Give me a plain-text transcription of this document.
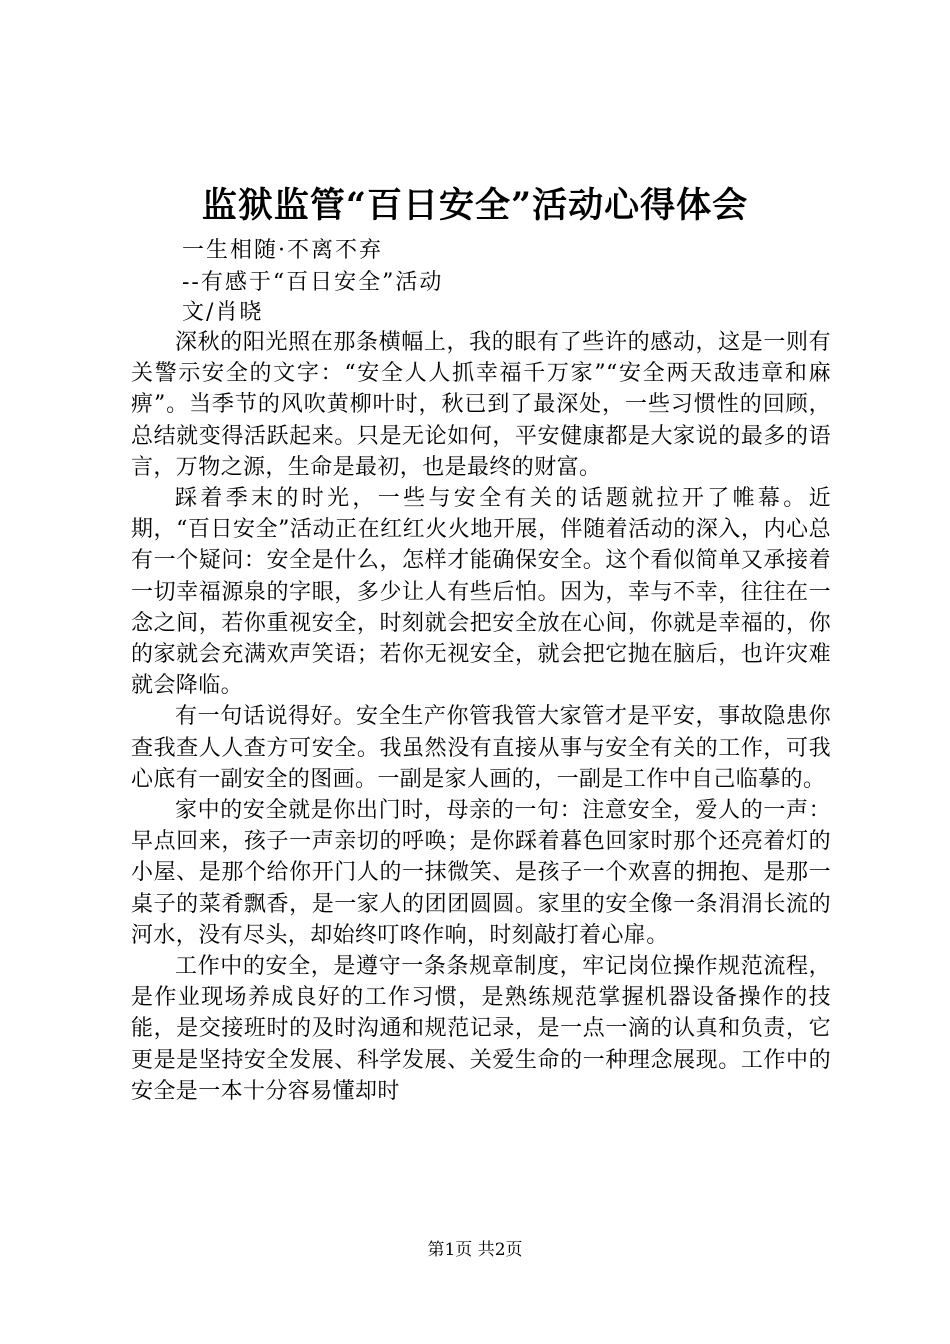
监狱监管“百日安全”活动心得体会
一生相随·不离不弃
--有感于“百日安全”活动
文/肖晓

深秋的阳光照在那条横幅上，我的眼有了些许的感动，这是一则有关警示安全的文字：“安全人人抓幸福千万家”“安全两天敌违章和麻痹”。当季节的风吹黄柳叶时，秋已到了最深处，一些习惯性的回顾，总结就变得活跃起来。只是无论如何，平安健康都是大家说的最多的语言，万物之源，生命是最初，也是最终的财富。

踩着季末的时光，一些与安全有关的话题就拉开了帷幕。近期，“百日安全”活动正在红红火火地开展，伴随着活动的深入，内心总有一个疑问：安全是什么，怎样才能确保安全。这个看似简单又承接着一切幸福源泉的字眼，多少让人有些后怕。因为，幸与不幸，往往在一念之间，若你重视安全，时刻就会把安全放在心间，你就是幸福的，你的家就会充满欢声笑语；若你无视安全，就会把它抛在脑后，也许灾难就会降临。

有一句话说得好。安全生产你管我管大家管才是平安，事故隐患你查我查人人查方可安全。我虽然没有直接从事与安全有关的工作，可我心底有一副安全的图画。一副是家人画的，一副是工作中自己临摹的。

家中的安全就是你出门时，母亲的一句：注意安全，爱人的一声：早点回来，孩子一声亲切的呼唤；是你踩着暮色回家时那个还亮着灯的小屋、是那个给你开门人的一抹微笑、是孩子一个欢喜的拥抱、是那一桌子的菜肴飘香，是一家人的团团圆圆。家里的安全像一条涓涓长流的河水，没有尽头，却始终叮咚作响，时刻敲打着心扉。

工作中的安全，是遵守一条条规章制度，牢记岗位操作规范流程，是作业现场养成良好的工作习惯，是熟练规范掌握机器设备操作的技能，是交接班时的及时沟通和规范记录，是一点一滴的认真和负责，它更是是坚持安全发展、科学发展、关爱生命的一种理念展现。工作中的安全是一本十分容易懂却时

第1页 共2页
